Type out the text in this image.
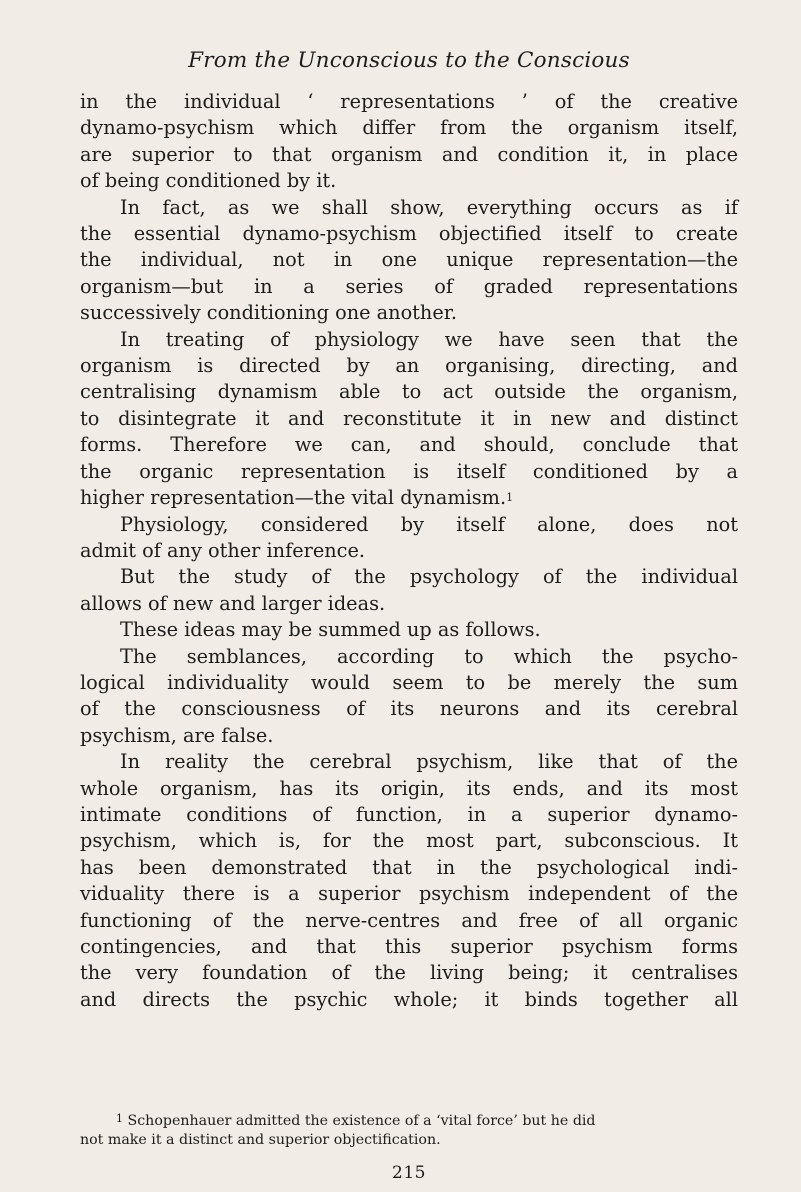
From the Unconscious to the Conscious
in the individual ‘ representations ’ of the creative
dynamo-psychism which differ from the organism itself,
are superior to that organism and condition it, in place
of being conditioned by it.
In fact, as we shall show, everything occurs as if
the essential dynamo-psychism objectified itself to create
the individual, not in one unique representation—the
organism—but in a series of graded representations
successively conditioning one another.
In treating of physiology we have seen that the
organism is directed by an organising, directing, and
centralising dynamism able to act outside the organism,
to disintegrate it and reconstitute it in new and distinct
forms. Therefore we can, and should, conclude that
the organic representation is itself conditioned by a
higher representation—the vital dynamism.$^1$
Physiology, considered by itself alone, does not
admit of any other inference.
But the study of the psychology of the individual
allows of new and larger ideas.
These ideas may be summed up as follows.
The semblances, according to which the psycho-
logical individuality would seem to be merely the sum
of the consciousness of its neurons and its cerebral
psychism, are false.
In reality the cerebral psychism, like that of the
whole organism, has its origin, its ends, and its most
intimate conditions of function, in a superior dynamo-
psychism, which is, for the most part, subconscious. It
has been demonstrated that in the psychological indi-
viduality there is a superior psychism independent of the
functioning of the nerve-centres and free of all organic
contingencies, and that this superior psychism forms
the very foundation of the living being; it centralises
and directs the psychic whole; it binds together all
$^1$ Schopenhauer admitted the existence of a ‘vital force’ but he did
not make it a distinct and superior objectification.
215
